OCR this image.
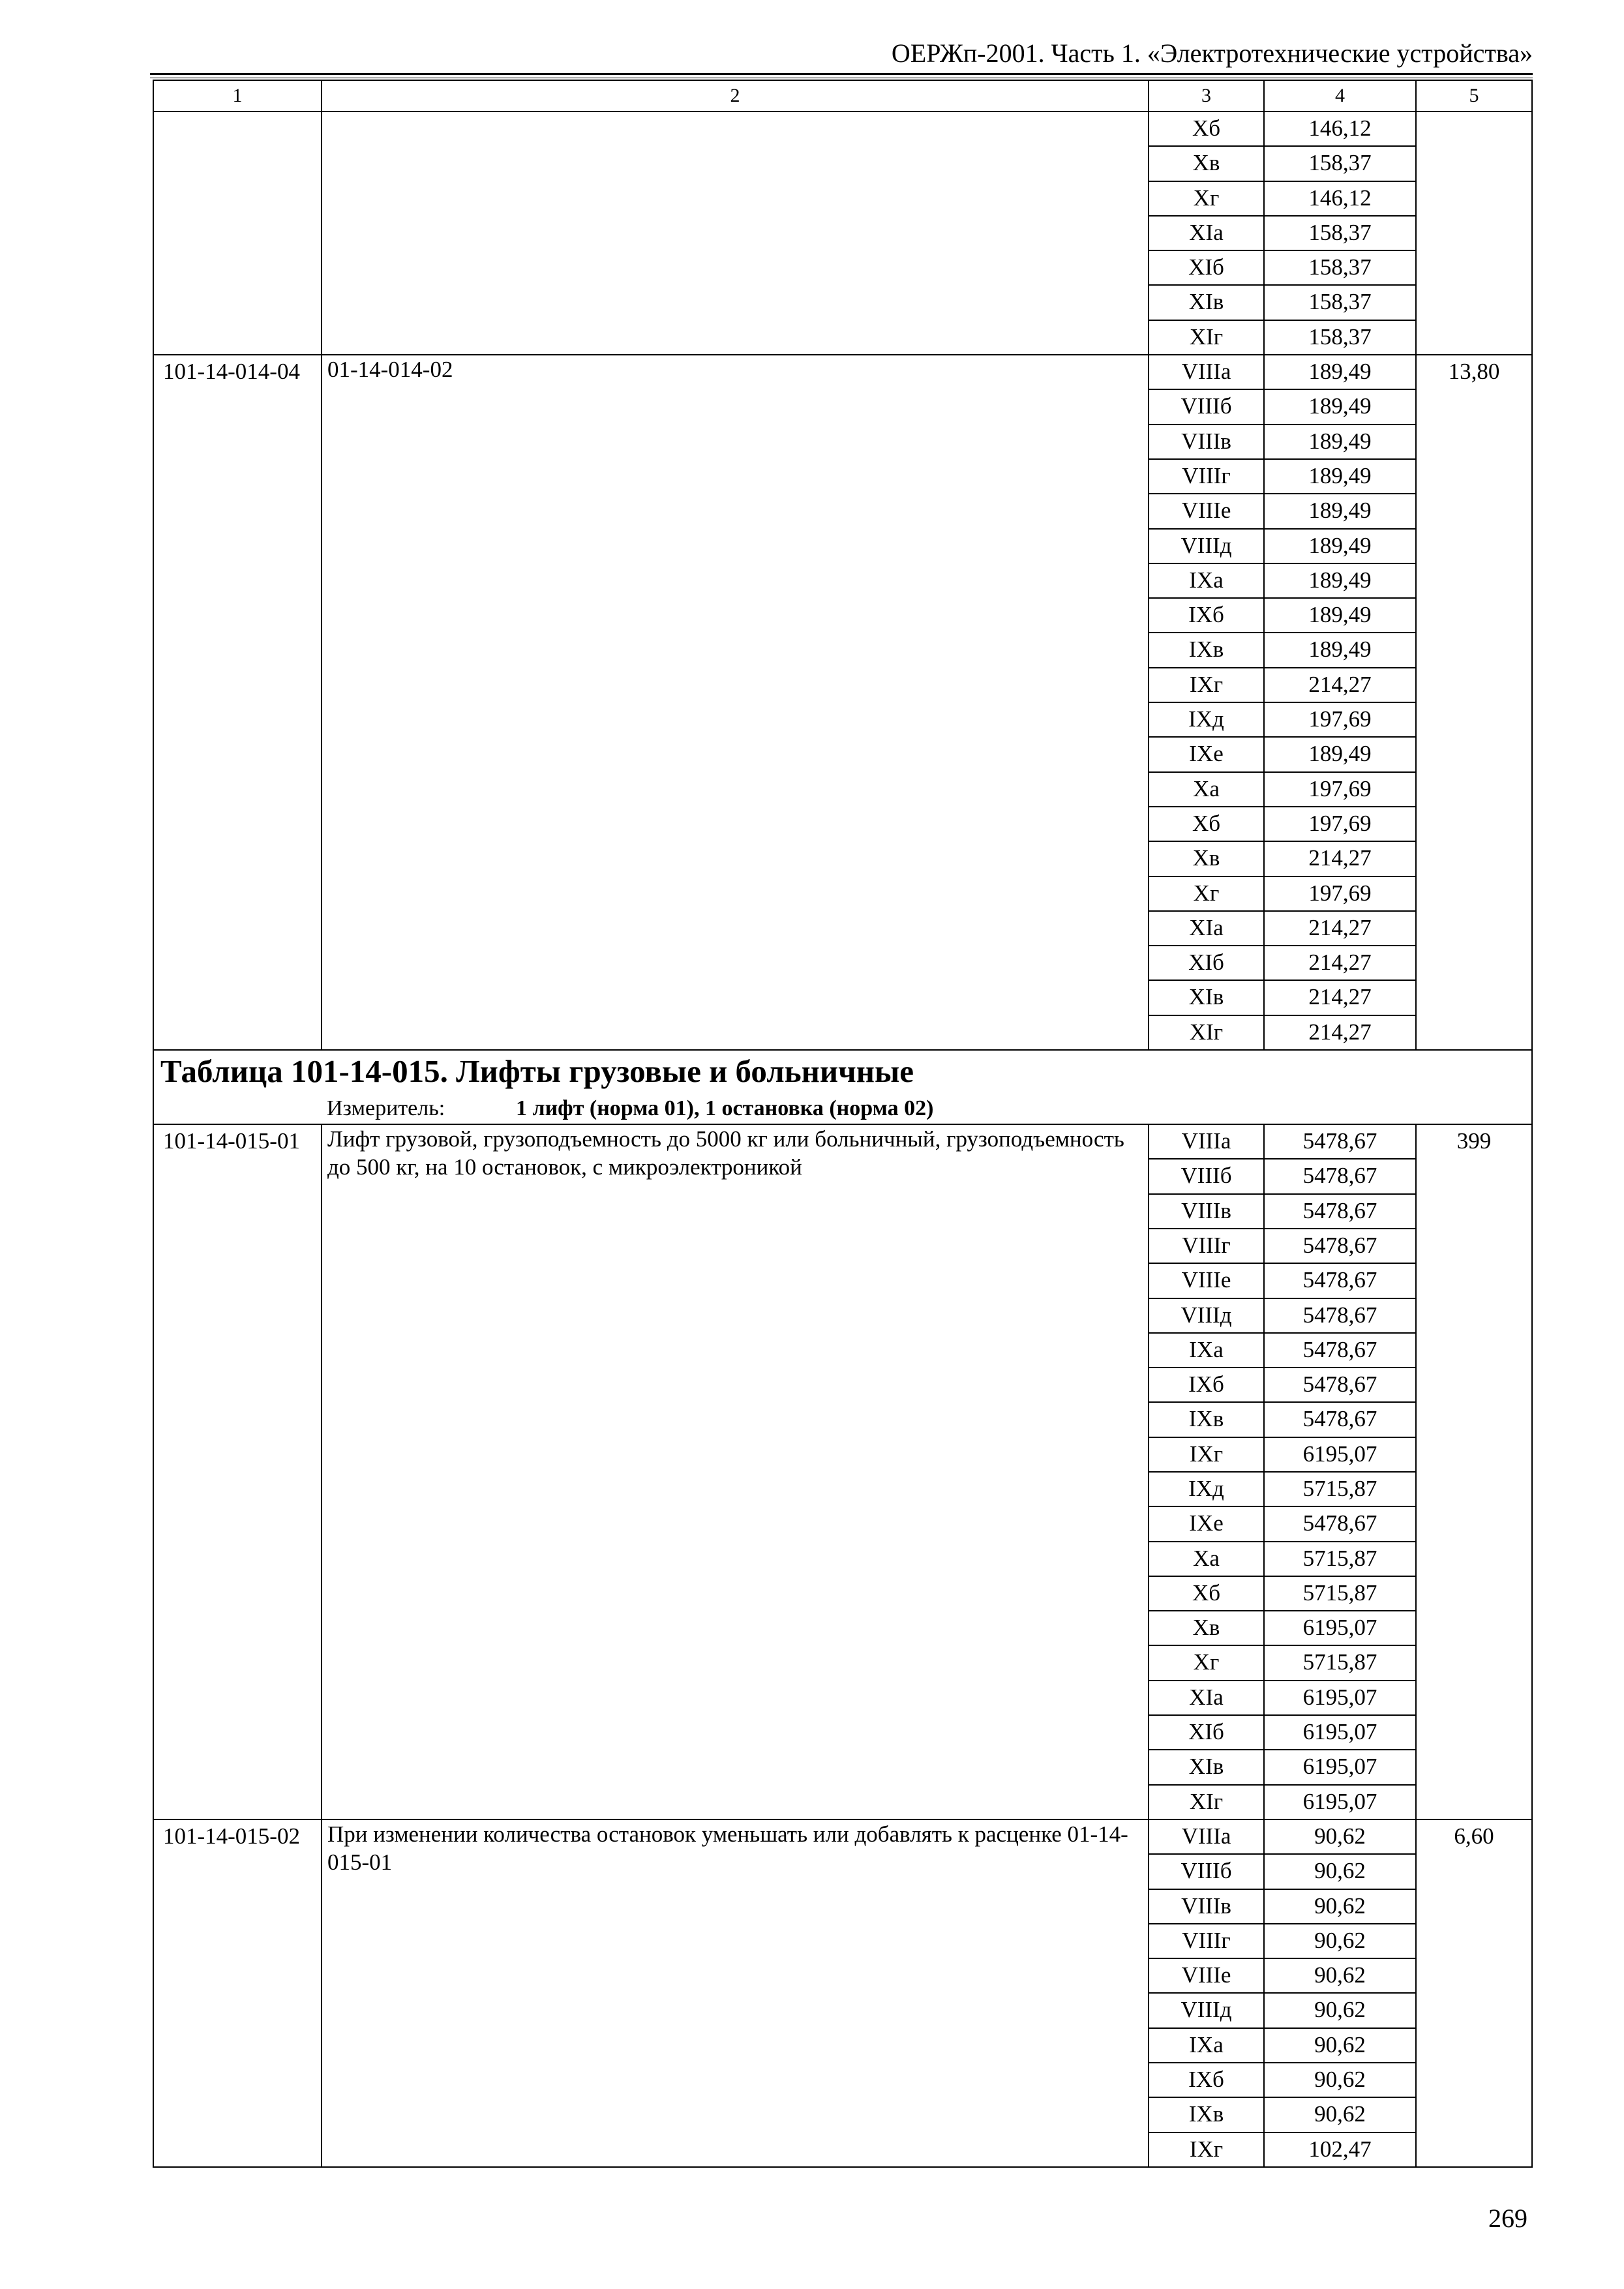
ОЕРЖп-2001. Часть 1. «Электротехнические устройства»
1	2	3	4	5
		Хб	146,12	
		Хв	158,37	
		Хг	146,12	
		ХIа	158,37	
		ХIб	158,37	
		ХIв	158,37	
		ХIг	158,37	
101-14-014-04	01-14-014-02	VIIIа	189,49	13,80
		VIIIб	189,49	
		VIIIв	189,49	
		VIIIг	189,49	
		VIIIе	189,49	
		VIIIд	189,49	
		IХа	189,49	
		IХб	189,49	
		IХв	189,49	
		IХг	214,27	
		IХд	197,69	
		IХе	189,49	
		Ха	197,69	
		Хб	197,69	
		Хв	214,27	
		Хг	197,69	
		ХIа	214,27	
		ХIб	214,27	
		ХIв	214,27	
		ХIг	214,27	
Таблица 101-14-015. Лифты грузовые и больничные				
	Измеритель: 1 лифт (норма 01), 1 остановка (норма 02)			
101-14-015-01	Лифт грузовой, грузоподъемность до 5000 кг или больничный, грузоподъемность до 500 кг, на 10 остановок, с микроэлектроникой	VIIIа	5478,67	399
		VIIIб	5478,67	
		VIIIв	5478,67	
		VIIIг	5478,67	
		VIIIе	5478,67	
		VIIIд	5478,67	
		IХа	5478,67	
		IХб	5478,67	
		IХв	5478,67	
		IХг	6195,07	
		IХд	5715,87	
		IХе	5478,67	
		Ха	5715,87	
		Хб	5715,87	
		Хв	6195,07	
		Хг	5715,87	
		ХIа	6195,07	
		ХIб	6195,07	
		ХIв	6195,07	
		ХIг	6195,07	
101-14-015-02	При изменении количества остановок уменьшать или добавлять к расценке 01-14-015-01	VIIIа	90,62	6,60
		VIIIб	90,62	
		VIIIв	90,62	
		VIIIг	90,62	
		VIIIе	90,62	
		VIIIд	90,62	
		IХа	90,62	
		IХб	90,62	
		IХв	90,62	
		IХг	102,47	
269
